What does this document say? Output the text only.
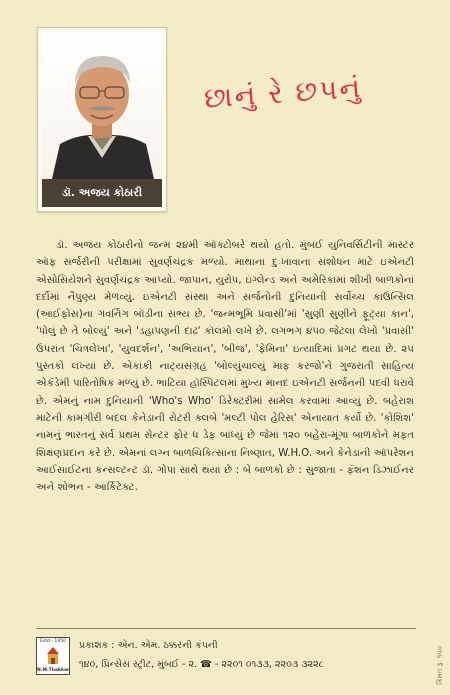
ડૉ. અજય કોઠારી
છાનું રે છપનું

ડૉ. અજય કોઠારીનો જન્મ ૨૪મી ઑક્ટોબરે થયો હતો. મુંબઈ યુનિવર્સિટીની માસ્ટર ઑફ સર્જરીની પરીક્ષામાં સુવર્ણચંદ્રક મળ્યો. માથાના દુઃખાવાના સંશોધન માટે ઇએનટી એસોસિયેશને સુવર્ણચંદ્રક આપ્યો. જાપાન, યુરોપ, ઇંગ્લેન્ડ અને અમેરિકામાં શીખી બાળકોનાં દર્દોમાં નૈપુણ્ય મેળવ્યું. ઇએનટી સંસ્થા અને સર્જનોની દુનિયાની સર્વોચ્ચ કાઉન્સિલ (આઈફોસ)ના ગવર્નિંગ બૉડીના સભ્ય છે. 'જન્મભૂમિ પ્રવાસી'માં 'સુણી સુણીને ફૂટ્યા કાન', 'પોલું છે તે બોલ્યું' અને 'ડહાપણની દાઢ' કૉલમો લખે છે. લગભગ ૪૫૦ જેટલા લેખો 'પ્રવાસી' ઉપરાંત 'ચિત્રલેખા', 'યુવદર્શન', 'અભિયાન', 'બીજ', 'ફેમિના' ઇત્યાદિમાં પ્રગટ થયા છે. ૨૫ પુસ્તકો લખ્યાં છે. એકાંકી નાટ્યસંગ્રહ 'બોલ્યુંચાલ્યું માફ કરજો'ને ગુજરાતી સાહિત્ય એકૅડેમી પારિતોષિક મળ્યું છે. ભાટિયા હૉસ્પિટલમાં મુખ્ય માનદ ઇએનટી સર્જનની પદવી ધરાવે છે. એમનું નામ દુનિયાની 'Who's Who' ડિરેક્ટરીમાં સામેલ કરવામાં આવ્યું છે. બહેરાશ માટેની કામગીરી બદલ કેનેડાની રોટરી ક્લબે 'મલ્ટી પોલ હેરિસ' એનાયાત કર્યો છે. 'કોશિશ' નામનું ભારતનું સર્વ પ્રથમ સેન્ટર ફોર ધ ડેફ બાંધ્યું છે જેમાં ૧૨૦ બહેરા-મૂંગા બાળકોને મફત શિક્ષણપ્રદાન કરે છે. એમનાં લગ્ન બાળચિકિત્સાના નિષ્ણાત, W.H.O. અને કેનેડાની ઑપરેશન આઈસાઈટના કન્સલ્ટન્ટ ડૉ. ગોપા સાથે થયાં છે : બે બાળકો છે : સુજાતા - ફૅશન ડિઝાઈનર અને શોભન - આર્કિટેક્ટ.

કિંમત રૂ. ૧૫૦
Estd - 1950
N.M.Thakkar
પ્રકાશક : એન. એમ. ઠક્કરની કંપની
૧૪૦, પ્રિન્સેસ સ્ટ્રીટ, મુંબઈ - ૨. ☎ - ૨૨૦૧ ૦૧૩૩, ૨૨૦૩ ૩૨૨૮
